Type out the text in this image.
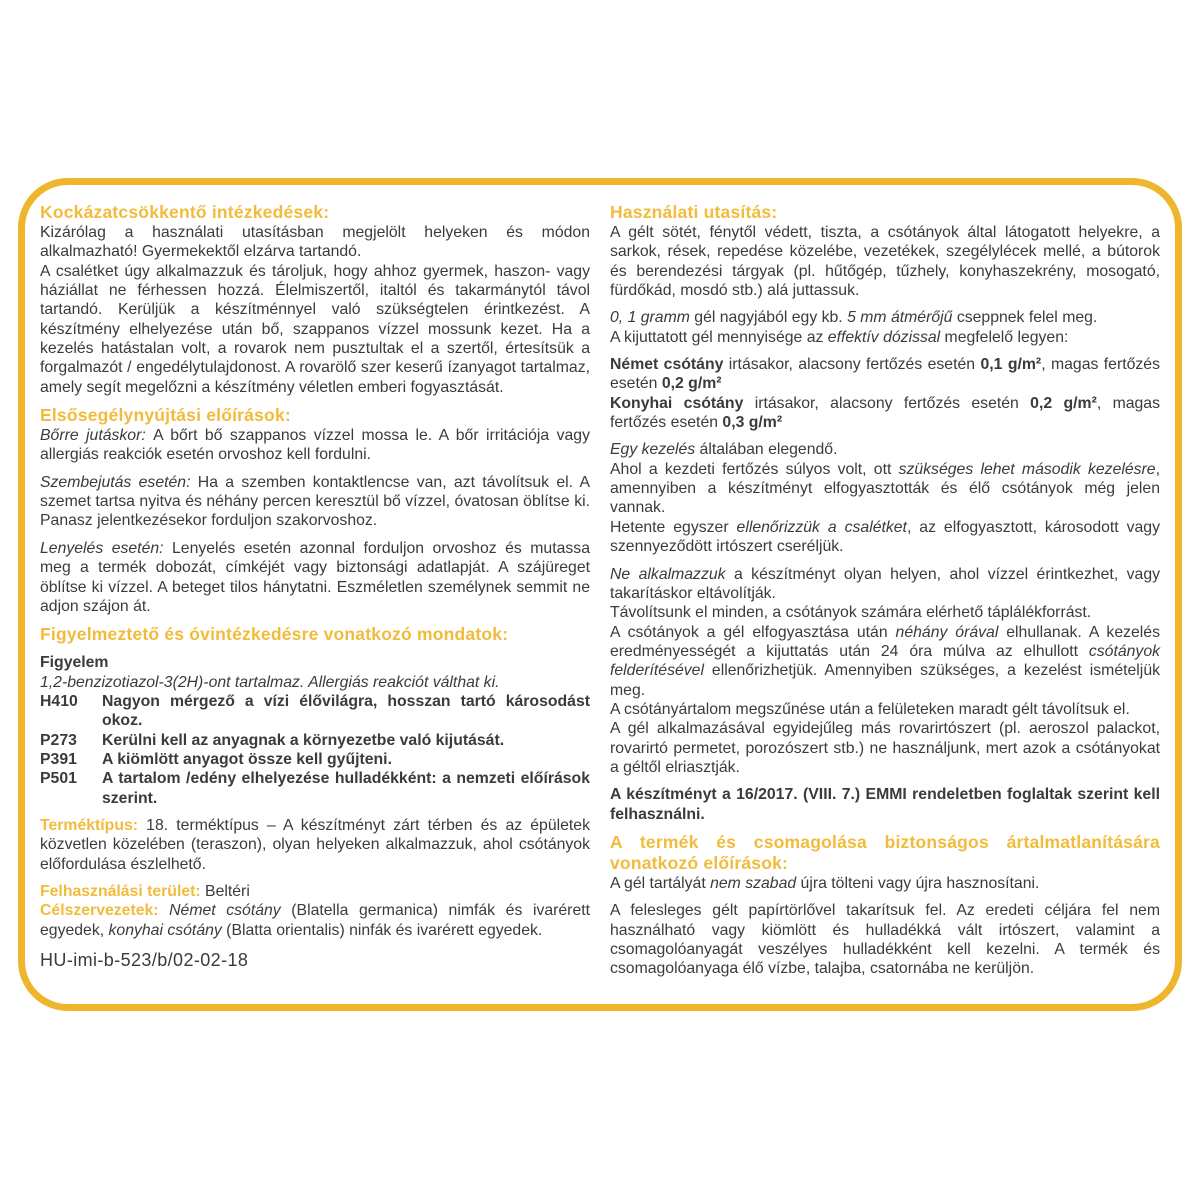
Kockázatcsökkentő intézkedések:

Kizárólag a használati utasításban megjelölt helyeken és módon alkalmazható! Gyermekektől elzárva tartandó.

A csalétket úgy alkalmazzuk és tároljuk, hogy ahhoz gyermek, haszon- vagy háziállat ne férhessen hozzá. Élelmiszertől, italtól és takarmánytól távol tartandó. Kerüljük a készítménnyel való szükségtelen érintkezést. A készítmény elhelyezése után bő, szappanos vízzel mossunk kezet. Ha a kezelés hatástalan volt, a rovarok nem pusztultak el a szertől, értesítsük a forgalmazót / engedélytulajdonost. A rovarölő szer keserű ízanyagot tartalmaz, amely segít megelőzni a készítmény véletlen emberi fogyasztását.

Elsősegélynyújtási előírások:

Bőrre jutáskor: A bőrt bő szappanos vízzel mossa le. A bőr irritációja vagy allergiás reakciók esetén orvoshoz kell fordulni.

Szembejutás esetén: Ha a szemben kontaktlencse van, azt távolítsuk el. A szemet tartsa nyitva és néhány percen keresztül bő vízzel, óvatosan öblítse ki. Panasz jelentkezésekor forduljon szakorvoshoz.

Lenyelés esetén: Lenyelés esetén azonnal forduljon orvoshoz és mutassa meg a termék dobozát, címkéjét vagy biztonsági adatlapját. A szájüreget öblítse ki vízzel. A beteget tilos hánytatni. Eszméletlen személynek semmit ne adjon szájon át.

Figyelmeztető és óvintézkedésre vonatkozó mondatok:

Figyelem

1,2-benzizotiazol-3(2H)-ont tartalmaz. Allergiás reakciót válthat ki.

H410	Nagyon mérgező a vízi élővilágra, hosszan tartó károsodást okoz.
P273	Kerülni kell az anyagnak a környezetbe való kijutását.
P391	A kiömlött anyagot össze kell gyűjteni.
P501	A tartalom /edény elhelyezése hulladékként: a nemzeti előírások szerint.

Terméktípus: 18. terméktípus – A készítményt zárt térben és az épületek közvetlen közelében (teraszon), olyan helyeken alkalmazzuk, ahol csótányok előfordulása észlelhető.

Felhasználási terület: Beltéri

Célszervezetek: Német csótány (Blatella germanica) nimfák és ivarérett egyedek, konyhai csótány (Blatta orientalis) ninfák és ivarérett egyedek.

HU-imi-b-523/b/02-02-18
Használati utasítás:

A gélt sötét, fénytől védett, tiszta, a csótányok által látogatott helyekre, a sarkok, rések, repedése közelébe, vezetékek, szegélylécek mellé, a bútorok és berendezési tárgyak (pl. hűtőgép, tűzhely, konyhaszekrény, mosogató, fürdőkád, mosdó stb.) alá juttassuk.

0, 1 gramm gél nagyjából egy kb. 5 mm átmérőjű cseppnek felel meg.

A kijuttatott gél mennyisége az effektív dózissal megfelelő legyen:

Német csótány irtásakor, alacsony fertőzés esetén 0,1 g/m², magas fertőzés esetén 0,2 g/m²

Konyhai csótány irtásakor, alacsony fertőzés esetén 0,2 g/m², magas fertőzés esetén 0,3 g/m²

Egy kezelés általában elegendő.

Ahol a kezdeti fertőzés súlyos volt, ott szükséges lehet második kezelésre, amennyiben a készítményt elfogyasztották és élő csótányok még jelen vannak.

Hetente egyszer ellenőrizzük a csalétket, az elfogyasztott, károsodott vagy szennyeződött irtószert cseréljük.

Ne alkalmazzuk a készítményt olyan helyen, ahol vízzel érintkezhet, vagy takarításkor eltávolítják.

Távolítsunk el minden, a csótányok számára elérhető táplálékforrást.

A csótányok a gél elfogyasztása után néhány órával elhullanak. A kezelés eredményességét a kijuttatás után 24 óra múlva az elhullott csótányok felderítésével ellenőrizhetjük. Amennyiben szükséges, a kezelést ismételjük meg.

A csótányártalom megszűnése után a felületeken maradt gélt távolítsuk el.

A gél alkalmazásával egyidejűleg más rovarirtószert (pl. aeroszol palackot, rovarirtó permetet, porozószert stb.) ne használjunk, mert azok a csótányokat a géltől elriasztják.

A készítményt a 16/2017. (VIII. 7.) EMMI rendeletben foglaltak szerint kell felhasználni.

A termék és csomagolása biztonságos ártalmatlanítására vonatkozó előírások:

A gél tartályát nem szabad újra tölteni vagy újra hasznosítani.

A felesleges gélt papírtörlővel takarítsuk fel. Az eredeti céljára fel nem használható vagy kiömlött és hulladékká vált irtószert, valamint a csomagolóanyagát veszélyes hulladékként kell kezelni. A termék és csomagolóanyaga élő vízbe, talajba, csatornába ne kerüljön.
